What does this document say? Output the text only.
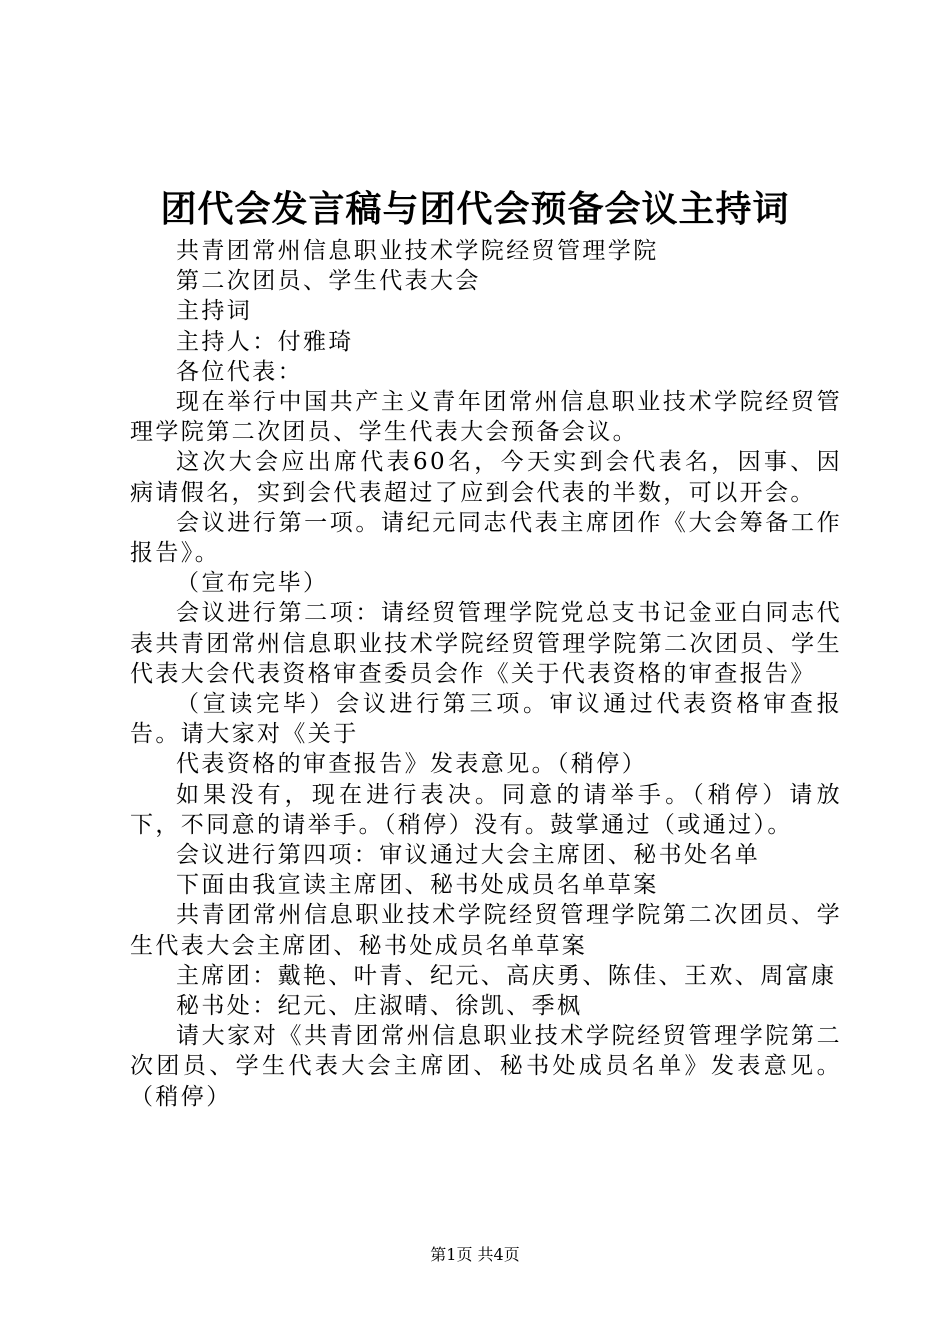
团代会发言稿与团代会预备会议主持词

共青团常州信息职业技术学院经贸管理学院

第二次团员、学生代表大会

主持词

主持人：付雅琦

各位代表：

现在举行中国共产主义青年团常州信息职业技术学院经贸管理学院第二次团员、学生代表大会预备会议。

这次大会应出席代表60名，今天实到会代表名，因事、因病请假名，实到会代表超过了应到会代表的半数，可以开会。

会议进行第一项。请纪元同志代表主席团作《大会筹备工作报告》。

（宣布完毕）

会议进行第二项：请经贸管理学院党总支书记金亚白同志代表共青团常州信息职业技术学院经贸管理学院第二次团员、学生代表大会代表资格审查委员会作《关于代表资格的审查报告》

（宣读完毕）会议进行第三项。审议通过代表资格审查报告。请大家对《关于

代表资格的审查报告》发表意见。（稍停）

如果没有，现在进行表决。同意的请举手。（稍停）请放下，不同意的请举手。（稍停）没有。鼓掌通过（或通过）。

会议进行第四项：审议通过大会主席团、秘书处名单

下面由我宣读主席团、秘书处成员名单草案

共青团常州信息职业技术学院经贸管理学院第二次团员、学生代表大会主席团、秘书处成员名单草案

主席团：戴艳、叶青、纪元、高庆勇、陈佳、王欢、周富康

秘书处：纪元、庄淑晴、徐凯、季枫

请大家对《共青团常州信息职业技术学院经贸管理学院第二次团员、学生代表大会主席团、秘书处成员名单》发表意见。（稍停）

第1页 共4页
